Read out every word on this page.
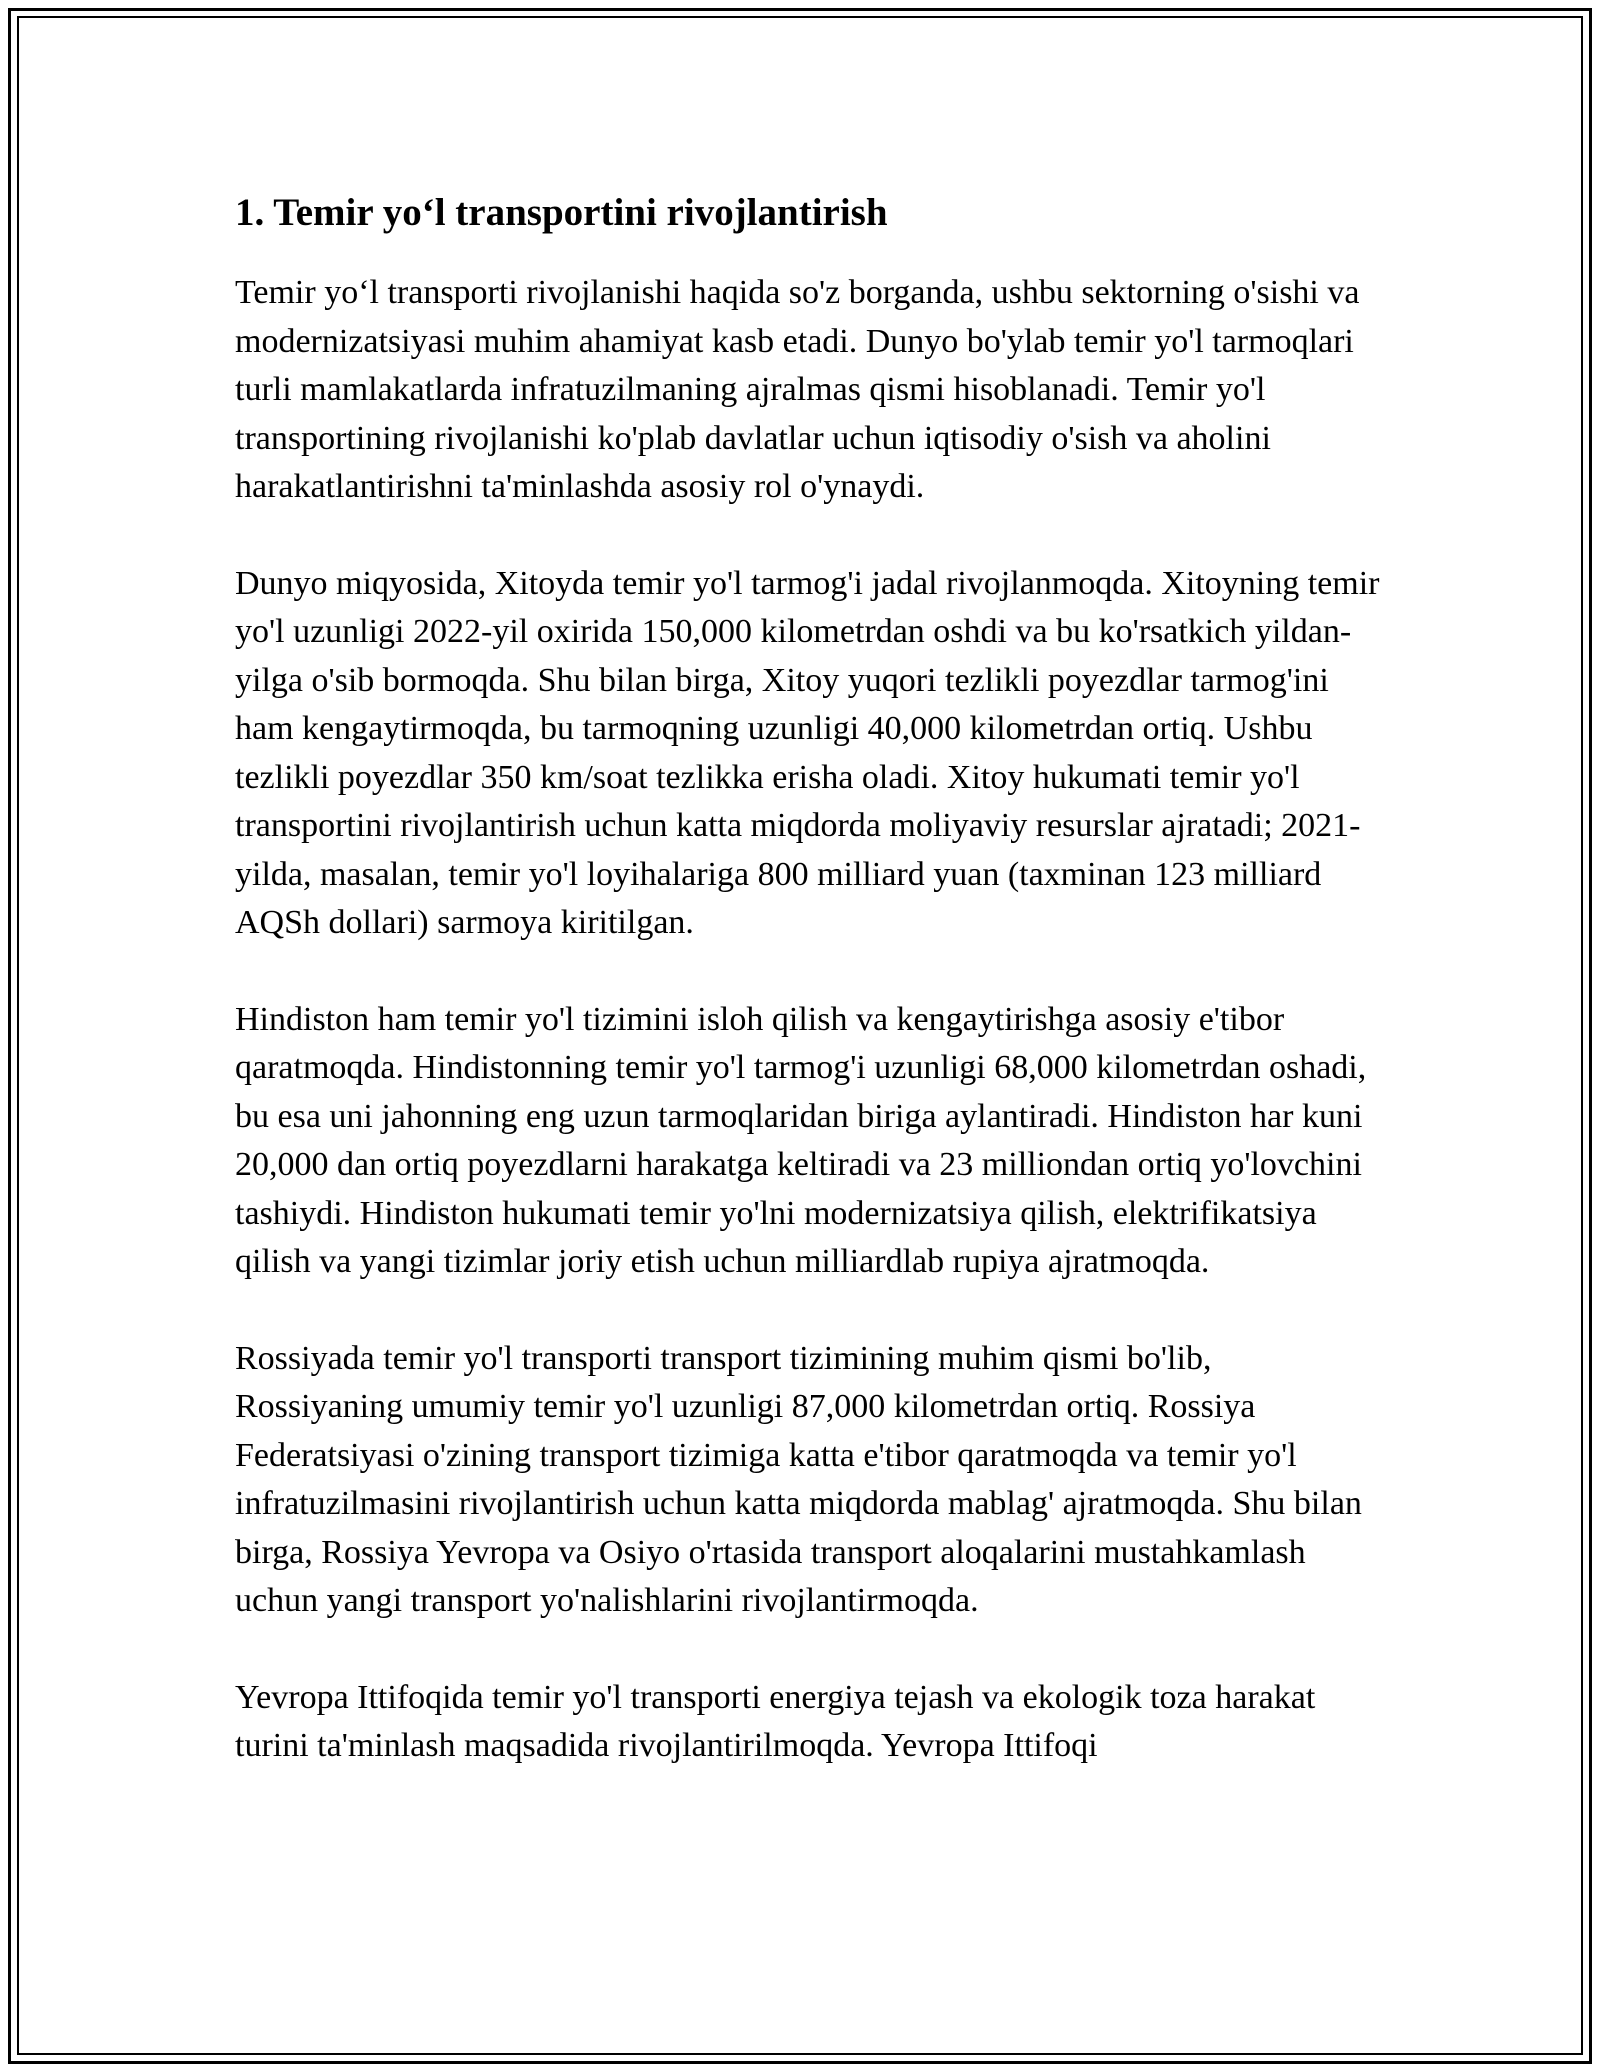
1. Temir yo‘l transportini rivojlantirish

Temir yo‘l transporti rivojlanishi haqida so'z borganda, ushbu sektorning o'sishi va modernizatsiyasi muhim ahamiyat kasb etadi. Dunyo bo'ylab temir yo'l tarmoqlari turli mamlakatlarda infratuzilmaning ajralmas qismi hisoblanadi. Temir yo'l transportining rivojlanishi ko'plab davlatlar uchun iqtisodiy o'sish va aholini harakatlantirishni ta'minlashda asosiy rol o'ynaydi.

Dunyo miqyosida, Xitoyda temir yo'l tarmog'i jadal rivojlanmoqda. Xitoyning temir yo'l uzunligi 2022-yil oxirida 150,000 kilometrdan oshdi va bu ko'rsatkich yildan-yilga o'sib bormoqda. Shu bilan birga, Xitoy yuqori tezlikli poyezdlar tarmog'ini ham kengaytirmoqda, bu tarmoqning uzunligi 40,000 kilometrdan ortiq. Ushbu tezlikli poyezdlar 350 km/soat tezlikka erisha oladi. Xitoy hukumati temir yo'l transportini rivojlantirish uchun katta miqdorda moliyaviy resurslar ajratadi; 2021-yilda, masalan, temir yo'l loyihalariga 800 milliard yuan (taxminan 123 milliard AQSh dollari) sarmoya kiritilgan.

Hindiston ham temir yo'l tizimini isloh qilish va kengaytirishga asosiy e'tibor qaratmoqda. Hindistonning temir yo'l tarmog'i uzunligi 68,000 kilometrdan oshadi, bu esa uni jahonning eng uzun tarmoqlaridan biriga aylantiradi. Hindiston har kuni 20,000 dan ortiq poyezdlarni harakatga keltiradi va 23 milliondan ortiq yo'lovchini tashiydi. Hindiston hukumati temir yo'lni modernizatsiya qilish, elektrifikatsiya qilish va yangi tizimlar joriy etish uchun milliardlab rupiya ajratmoqda.

Rossiyada temir yo'l transporti transport tizimining muhim qismi bo'lib, Rossiyaning umumiy temir yo'l uzunligi 87,000 kilometrdan ortiq. Rossiya Federatsiyasi o'zining transport tizimiga katta e'tibor qaratmoqda va temir yo'l infratuzilmasini rivojlantirish uchun katta miqdorda mablag' ajratmoqda. Shu bilan birga, Rossiya Yevropa va Osiyo o'rtasida transport aloqalarini mustahkamlash uchun yangi transport yo'nalishlarini rivojlantirmoqda.

Yevropa Ittifoqida temir yo'l transporti energiya tejash va ekologik toza harakat turini ta'minlash maqsadida rivojlantirilmoqda. Yevropa Ittifoqi
